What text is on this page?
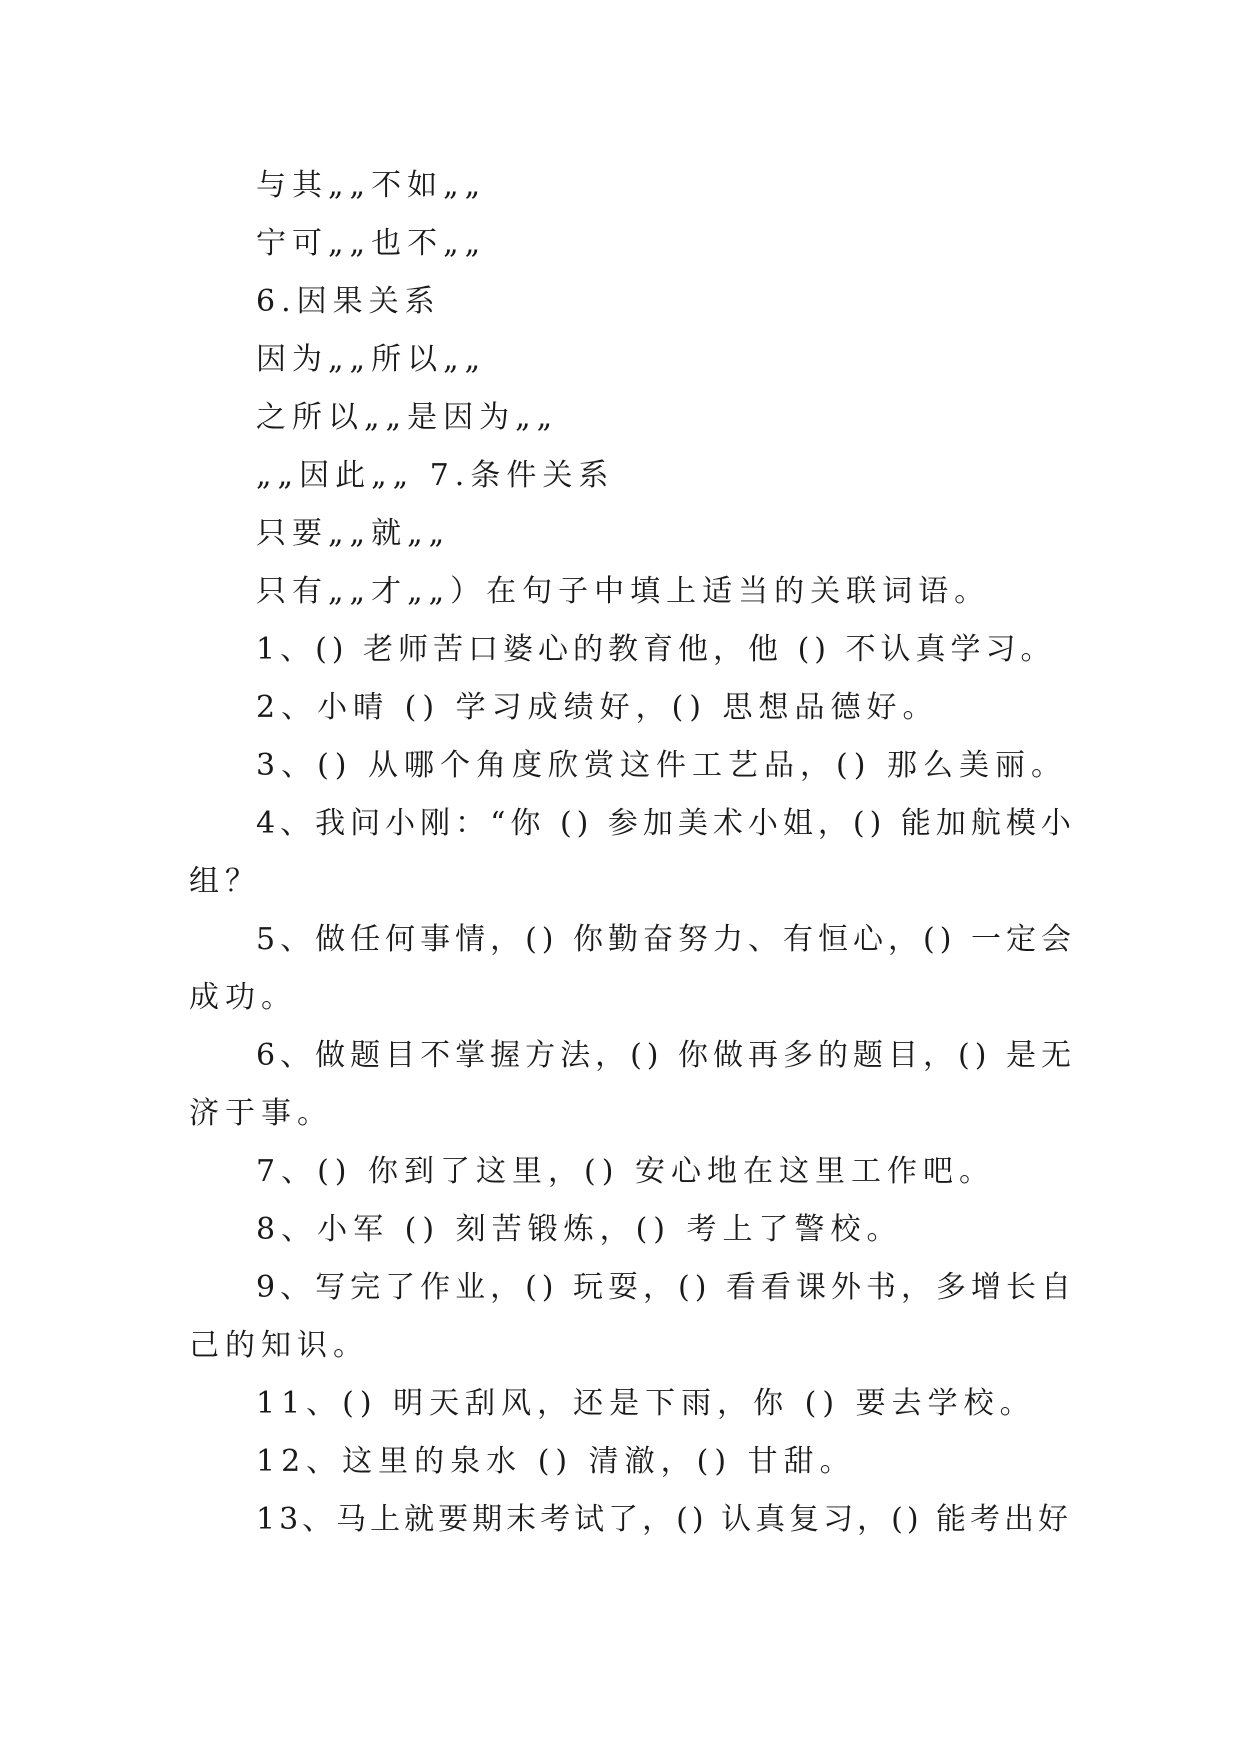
与其„„不如„„
宁可„„也不„„
6.因果关系
因为„„所以„„
之所以„„是因为„„
„„因此„„ 7.条件关系
只要„„就„„
只有„„才„„）在句子中填上适当的关联词语。
1、() 老师苦口婆心的教育他，他 () 不认真学习。
2、小晴 () 学习成绩好，() 思想品德好。
3、() 从哪个角度欣赏这件工艺品，() 那么美丽。
4、我问小刚：“你 () 参加美术小姐，() 能加航模小
组？
5、做任何事情，() 你勤奋努力、有恒心，() 一定会
成功。
6、做题目不掌握方法，() 你做再多的题目，() 是无
济于事。
7、() 你到了这里，() 安心地在这里工作吧。
8、小军 () 刻苦锻炼，() 考上了警校。
9、写完了作业，() 玩耍，() 看看课外书，多增长自
己的知识。
11、() 明天刮风，还是下雨，你 () 要去学校。
12、这里的泉水 () 清澈，() 甘甜。
13、马上就要期末考试了，() 认真复习，() 能考出好
